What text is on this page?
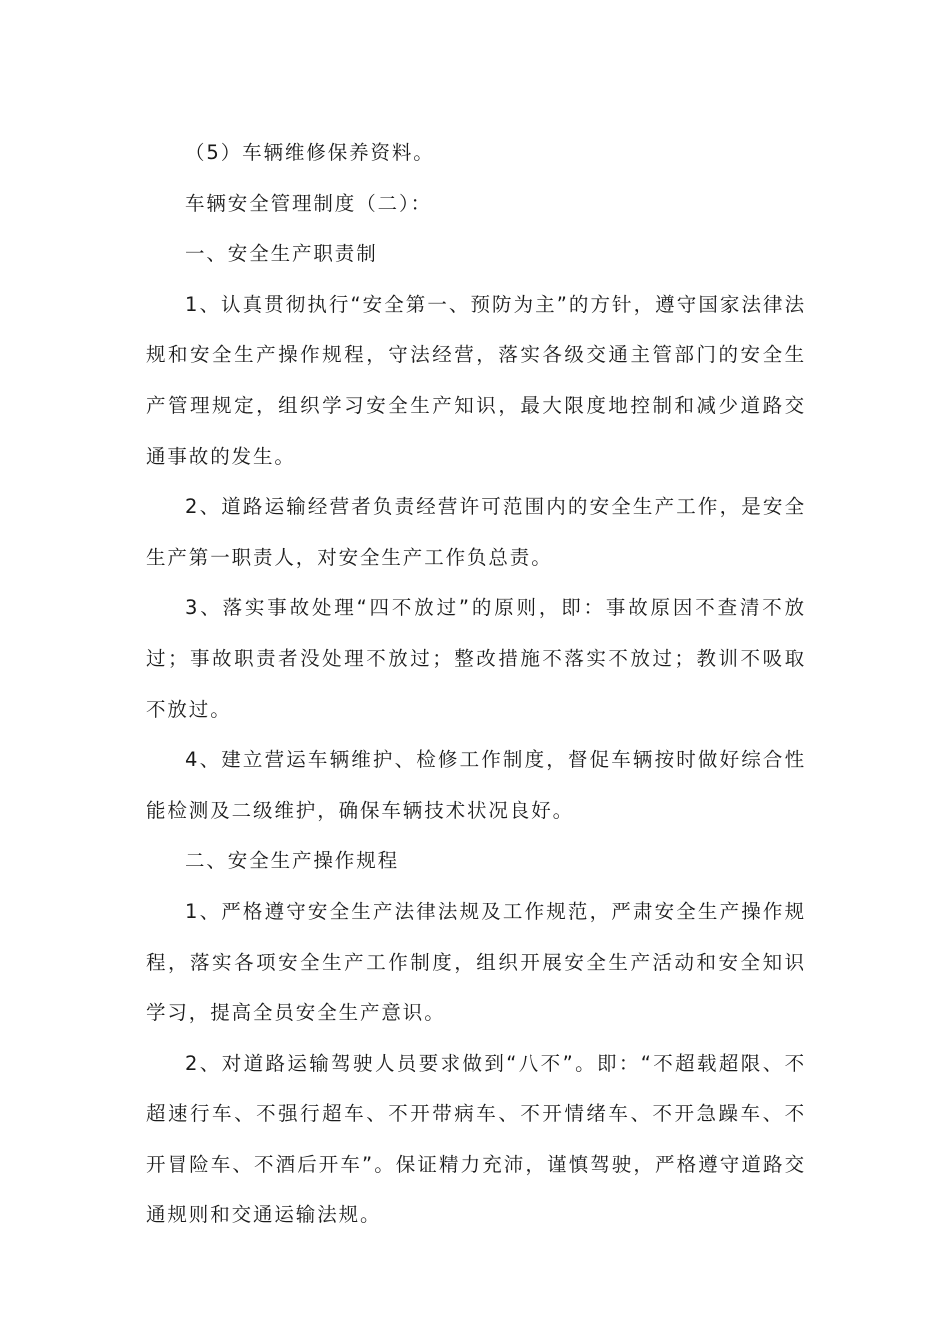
（5）车辆维修保养资料。

车辆安全管理制度（二）：

一、安全生产职责制

1、认真贯彻执行“安全第一、预防为主”的方针，遵守国家法律法规和安全生产操作规程，守法经营，落实各级交通主管部门的安全生产管理规定，组织学习安全生产知识，最大限度地控制和减少道路交通事故的发生。

2、道路运输经营者负责经营许可范围内的安全生产工作，是安全生产第一职责人，对安全生产工作负总责。

3、落实事故处理“四不放过”的原则，即：事故原因不查清不放过；事故职责者没处理不放过；整改措施不落实不放过；教训不吸取不放过。

4、建立营运车辆维护、检修工作制度，督促车辆按时做好综合性能检测及二级维护，确保车辆技术状况良好。

二、安全生产操作规程

1、严格遵守安全生产法律法规及工作规范，严肃安全生产操作规程，落实各项安全生产工作制度，组织开展安全生产活动和安全知识学习，提高全员安全生产意识。

2、对道路运输驾驶人员要求做到“八不”。即：“不超载超限、不超速行车、不强行超车、不开带病车、不开情绪车、不开急躁车、不开冒险车、不酒后开车”。保证精力充沛，谨慎驾驶，严格遵守道路交通规则和交通运输法规。
